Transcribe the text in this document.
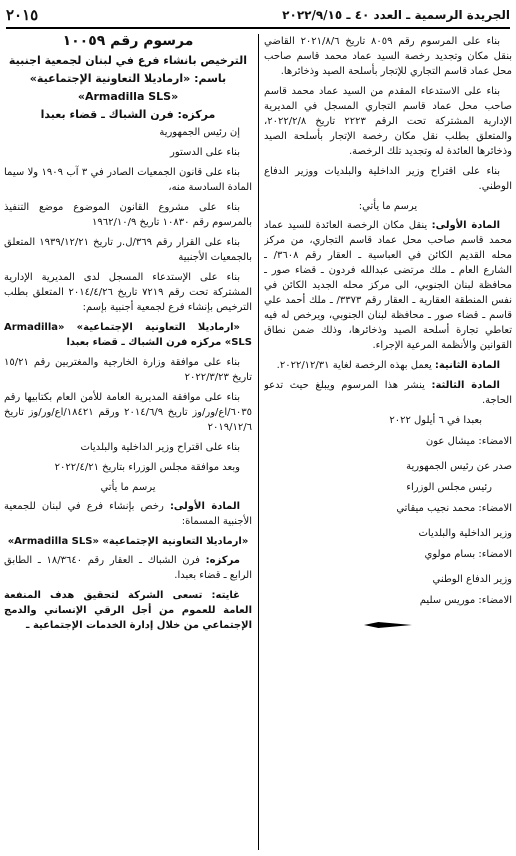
الجريدة الرسمية ـ العدد ٤٠ ـ ٢٠٢٢/٩/١٥
٢٠١٥

بناء على المرسوم رقم ٨٠٥٩ تاريخ ٢٠٢١/٨/٦ القاضي بنقل مكان وتجديد رخصة السيد عماد محمد قاسم صاحب محل عماد قاسم التجاري للإتجار بأسلحة الصيد وذخائرها.

بناء على الاستدعاء المقدم من السيد عماد محمد قاسم صاحب محل عماد قاسم التجاري المسجل في المديرية الإدارية المشتركة تحت الرقم ٢٢٢٣ تاريخ ٢٠٢٢/٢/٨، والمتعلق بطلب نقل مكان رخصة الإتجار بأسلحة الصيد وذخائرها العائدة له وتجديد تلك الرخصة.

بناء على اقتراح وزير الداخلية والبلديات ووزير الدفاع الوطني.

يرسم ما يأتي:

المادة الأولى: ينقل مكان الرخصة العائدة للسيد عماد محمد قاسم صاحب محل عماد قاسم التجاري، من مركز محله القديم الكائن في العباسية ـ العقار رقم ٣٦٠٨/ ـ الشارع العام ـ ملك مرتضى عبدالله فردون ـ قضاء صور ـ محافظة لبنان الجنوبي، الى مركز محله الجديد الكائن في نفس المنطقة العقارية ـ العقار رقم ٣٣٧٣/ ـ ملك أحمد علي قاسم ـ قضاء صور ـ محافظة لبنان الجنوبي، ويرخص له فيه تعاطي تجارة أسلحة الصيد وذخائرها، وذلك ضمن نطاق القوانين والأنظمة المرعية الإجراء.

المادة الثانية: يعمل بهذه الرخصة لغاية ٢٠٢٢/١٢/٣١.

المادة الثالثة: ينشر هذا المرسوم ويبلغ حيث تدعو الحاجة.

بعبدا في ٦ أيلول ٢٠٢٢

الامضاء: ميشال عون

صدر عن رئيس الجمهورية

رئيس مجلس الوزراء

الامضاء: محمد نجيب ميقاتي

وزير الداخلية والبلديات

الامضاء: بسام مولوي

وزير الدفاع الوطني

الامضاء: موريس سليم

مرسوم رقم ١٠٠٥٩

الترخيص بانشاء فرع في لبنان لجمعية اجنبية

باسم: «ارماديلا التعاونية الإجتماعية»

«Armadilla SLS»

مركزه: فرن الشباك ـ قضاء بعبدا

إن رئيس الجمهورية

بناء على الدستور

بناء على قانون الجمعيات الصادر في ٣ آب ١٩٠٩ ولا سيما المادة السادسة منه،

بناء على مشروع القانون الموضوع موضع التنفيذ بالمرسوم رقم ١٠٨٣٠ تاريخ ١٩٦٢/١٠/٩

بناء على القرار رقم ٣٦٩/ل.ر تاريخ ١٩٣٩/١٢/٢١ المتعلق بالجمعيات الأجنبية

بناء على الإستدعاء المسجل لدى المديرية الإدارية المشتركة تحت رقم ٧٢١٩ تاريخ ٢٠١٤/٤/٢٦ المتعلق بطلب الترخيص بإنشاء فرع لجمعية أجنبية بإسم:

«ارماديلا التعاونية الإجتماعية» «Armadilla SLS» مركزه فرن الشباك ـ قضاء بعبدا

بناء على موافقة وزارة الخارجية والمغتربين رقم ١٥/٢١ تاريخ ٢٠٢٢/٣/٢٣

بناء على موافقة المديرية العامة للأمن العام بكتابيها رقم ٦٠٣٥/اع/ور/وز تاريخ ٢٠١٤/٦/٩ ورقم ١٨٤٢١/اع/ور/وز تاريخ ٢٠١٩/١٢/٦

بناء على اقتراح وزير الداخلية والبلديات

وبعد موافقة مجلس الوزراء بتاريخ ٢٠٢٢/٤/٢١

يرسم ما يأتي

المادة الأولى: رخص بإنشاء فرع في لبنان للجمعية الأجنبية المسماة:

«ارماديلا التعاونية الإجتماعية» «Armadilla SLS»

مركزه: فرن الشباك ـ العقار رقم ١٨/٣٦٤٠ ـ الطابق الرابع ـ قضاء بعبدا.

غايته: تسعى الشركة لتحقيق هدف المنفعة العامة للعموم من أجل الرقي الإنساني والدمج الإجتماعي من خلال إدارة الخدمات الإجتماعية ـ
